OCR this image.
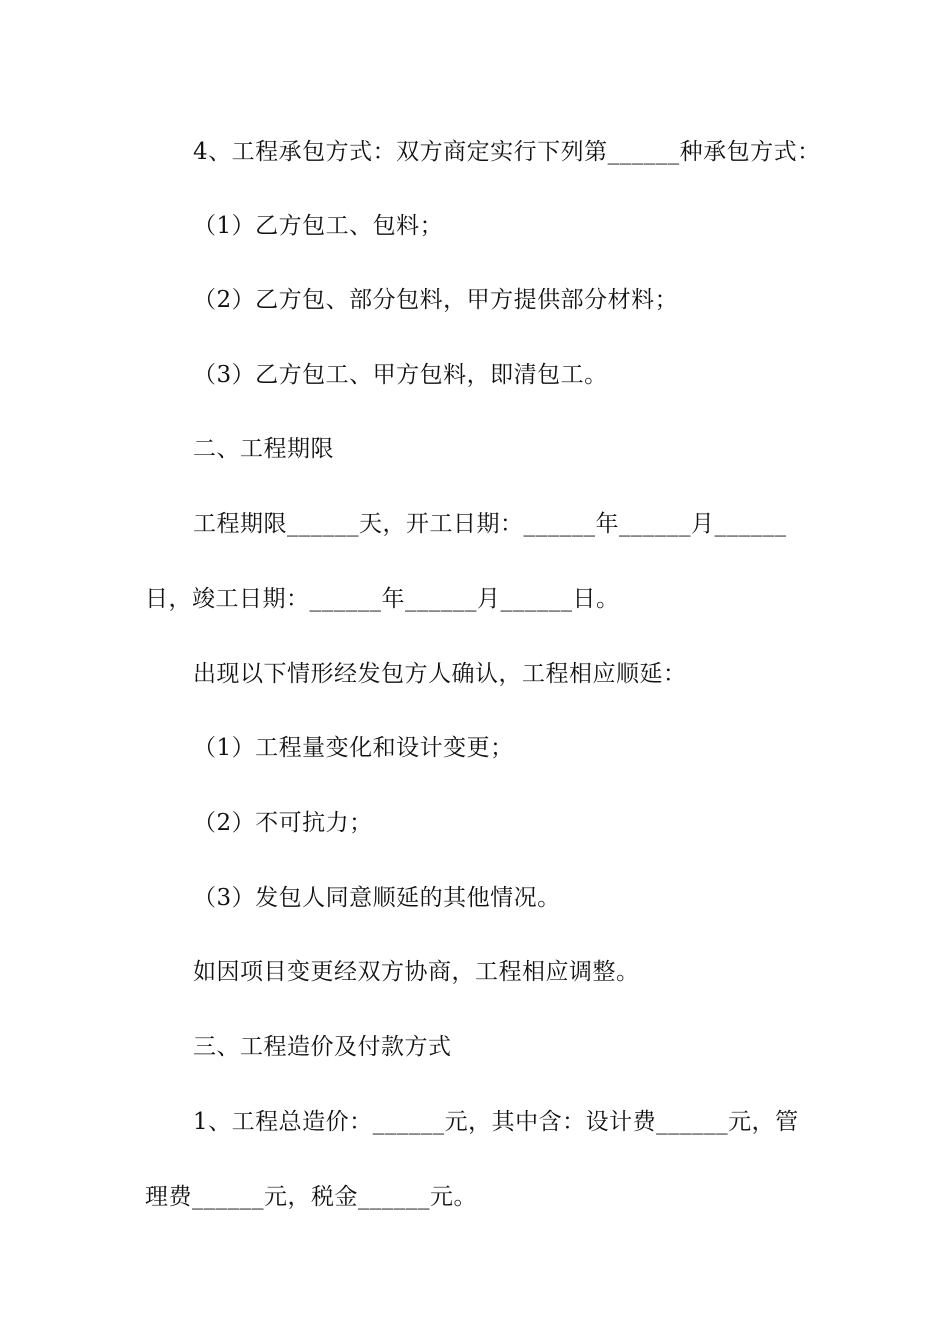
4、工程承包方式：双方商定实行下列第______种承包方式：
（1）乙方包工、包料；
（2）乙方包、部分包料，甲方提供部分材料；
（3）乙方包工、甲方包料，即清包工。
二、工程期限
工程期限______天，开工日期：______年______月______
日，竣工日期：______年______月______日。
出现以下情形经发包方人确认，工程相应顺延：
（1）工程量变化和设计变更；
（2）不可抗力；
（3）发包人同意顺延的其他情况。
如因项目变更经双方协商，工程相应调整。
三、工程造价及付款方式
1、工程总造价：______元，其中含：设计费______元，管
理费______元，税金______元。
